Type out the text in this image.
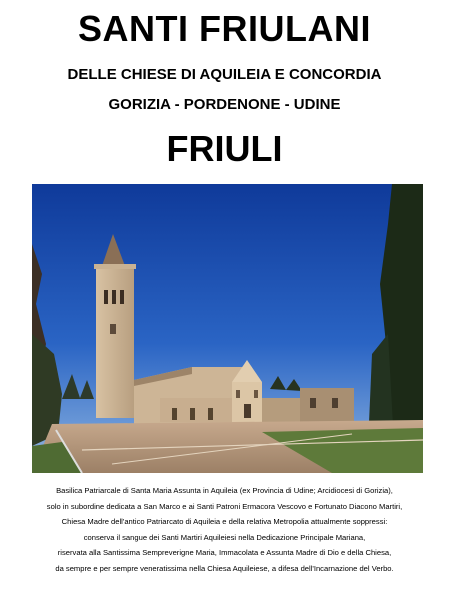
SANTI FRIULANI
DELLE CHIESE DI AQUILEIA E CONCORDIA
GORIZIA - PORDENONE - UDINE
FRIULI
Basilica Patriarcale di Santa Maria Assunta in Aquileia (ex Provincia di Udine; Arcidiocesi di Gorizia),
solo in subordine dedicata a San Marco e ai Santi Patroni Ermacora Vescovo e Fortunato Diacono Martiri,
Chiesa Madre dell'antico Patriarcato di Aquileia e della relativa Metropolia attualmente soppressi:
conserva il sangue dei Santi Martiri Aquileiesi nella Dedicazione Principale Mariana,
riservata alla Santissima Sempreverigne Maria, Immacolata e Assunta Madre di Dio e della Chiesa,
da sempre e per sempre veneratissima nella Chiesa Aquileiese, a difesa dell'Incarnazione del Verbo.
